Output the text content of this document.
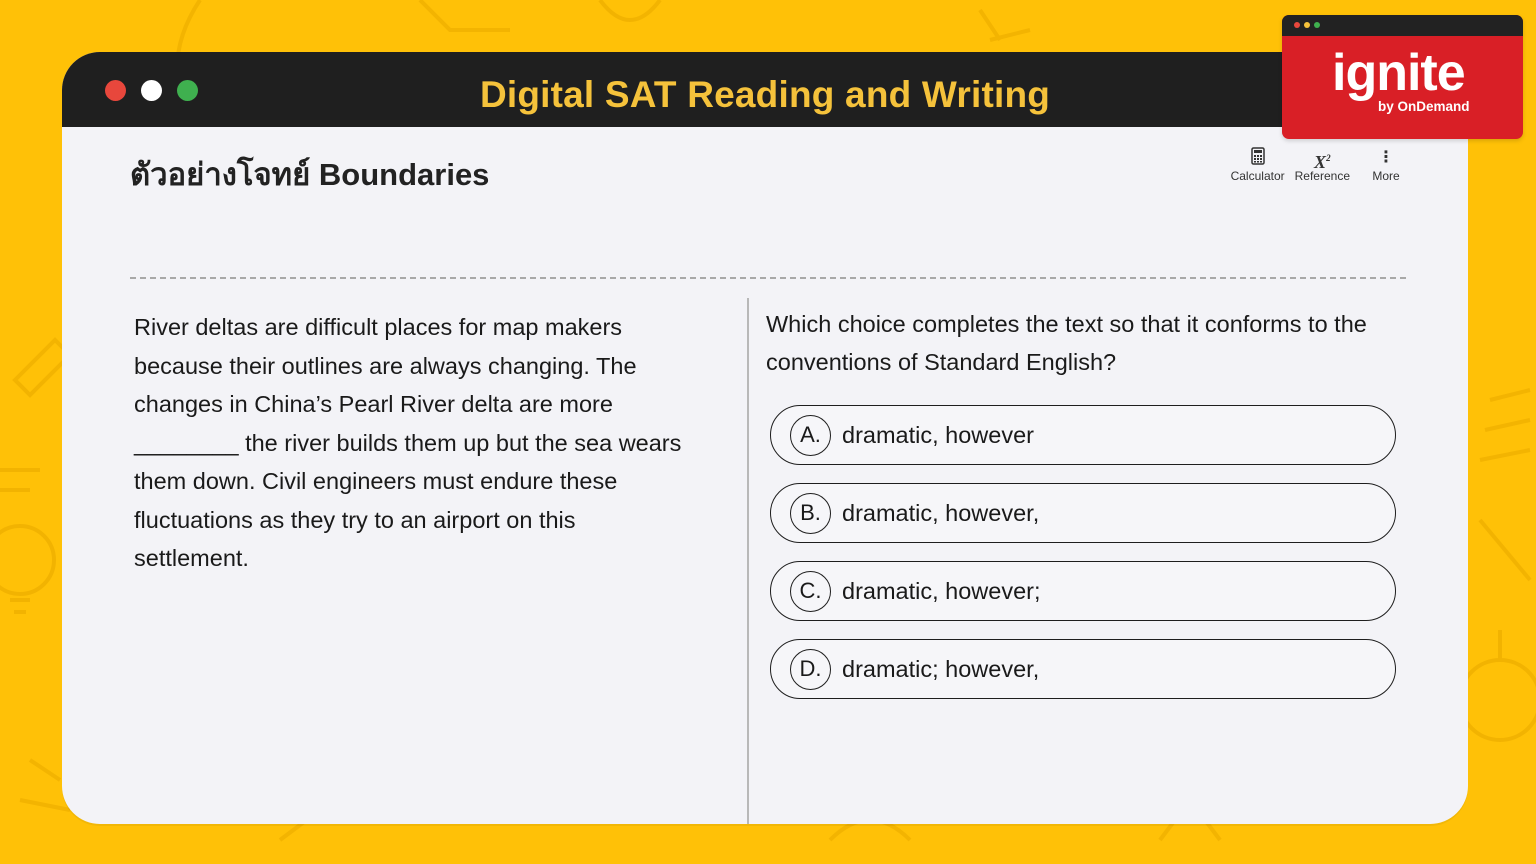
Digital SAT Reading and Writing
ตัวอย่างโจทย์ Boundaries	Calculator
$X^2$
Reference
⋮
More
River deltas are difficult places for map makers
because their outlines are always changing. The
changes in China’s Pearl River delta are more
________ the river builds them up but the sea wears
them down. Civil engineers must endure these
fluctuations as they try to an airport on this
settlement.
Which choice completes the text so that it conforms to the
conventions of Standard English?
A. dramatic, however
B. dramatic, however,
C. dramatic, however;
D. dramatic; however,
ignite
by OnDemand
